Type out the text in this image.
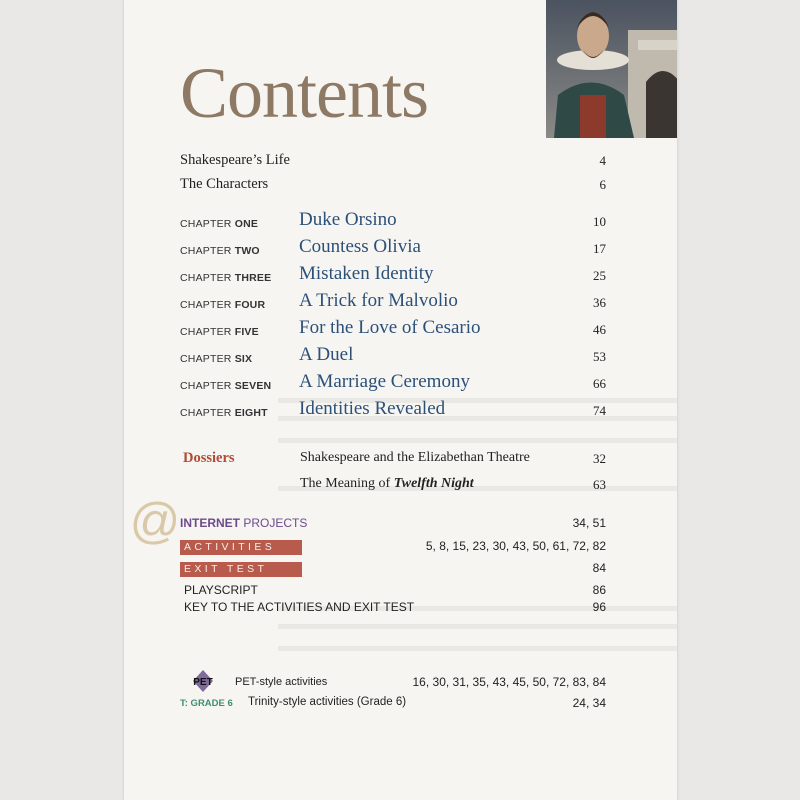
Contents
Shakespeare’s Life	4
The Characters	6
CHAPTER ONE Duke Orsino	10
CHAPTER TWO Countess Olivia	17
CHAPTER THREE Mistaken Identity	25
CHAPTER FOUR A Trick for Malvolio	36
CHAPTER FIVE For the Love of Cesario	46
CHAPTER SIX A Duel	53
CHAPTER SEVEN A Marriage Ceremony	66
CHAPTER EIGHT Identities Revealed	74
Dossiers	Shakespeare and the Elizabethan Theatre	32
The Meaning of Twelfth Night	63
@ INTERNET PROJECTS	34, 51
ACTIVITIES	5, 8, 15, 23, 30, 43, 50, 61, 72, 82
EXIT TEST	84
PLAYSCRIPT	86
KEY TO THE ACTIVITIES AND EXIT TEST	96
PET PET-style activities	16, 30, 31, 35, 43, 45, 50, 72, 83, 84
T: GRADE 6 Trinity-style activities (Grade 6)	24, 34
